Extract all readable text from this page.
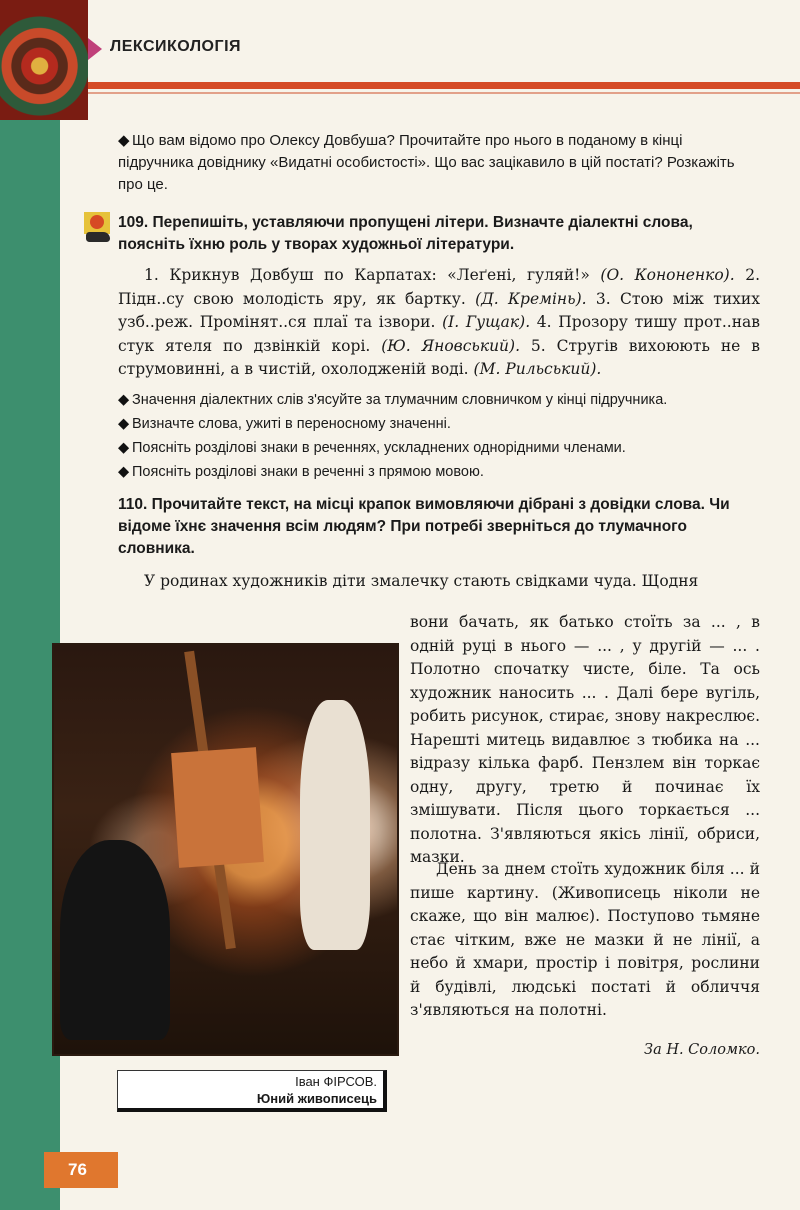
ЛЕКСИКОЛОГІЯ
◆ Що вам відомо про Олексу Довбуша? Прочитайте про нього в поданому в кінці підручника довіднику «Видатні особистості». Що вас зацікавило в цій постаті? Розкажіть про це.
109. Перепишіть, уставляючи пропущені літери. Визначте діалектні слова, поясніть їхню роль у творах художньої літератури.
1. Крикнув Довбуш по Карпатах: «Леґені, гуляй!» (О. Кононенко). 2. Підн..су свою молодість яру, як бартку. (Д. Кремінь). 3. Стою між тихих узб..реж. Промінят..ся плаї та ізвори. (І. Гущак). 4. Прозору тишу прот..нав стук ятеля по дзвінкій корі. (Ю. Яновський). 5. Стругів вихоюють не в струмовинні, а в чистій, охолодженій воді. (М. Рильський).
◆ Значення діалектних слів з'ясуйте за тлумачним словничком у кінці підручника.
◆ Визначте слова, ужиті в переносному значенні.
◆ Поясніть розділові знаки в реченнях, ускладнених однорідними членами.
◆ Поясніть розділові знаки в реченні з прямою мовою.
110. Прочитайте текст, на місці крапок вимовляючи дібрані з довідки слова. Чи відоме їхнє значення всім людям? При потребі зверніться до тлумачного словника.
У родинах художників діти змалечку стають свідками чуда. Щодня
вони бачать, як батько стоїть за ... , в одній руці в нього — ... , у другій — ... . Полотно спочатку чисте, біле. Та ось художник наносить ... . Далі бере вугіль, робить рисунок, стирає, знову накреслює. Нарешті митець видавлює з тюбика на ... відразу кілька фарб. Пензлем він торкає одну, другу, третю й починає їх змішувати. Після цього торкається ... полотна. З'являються якісь лінії, обриси, мазки.
День за днем стоїть художник біля ... й пише картину. (Живописець ніколи не скаже, що він малює). Поступово тьмяне стає чітким, вже не мазки й не лінії, а небо й хмари, простір і повітря, рослини й будівлі, людські постаті й обличчя з'являються на полотні.
За Н. Соломко.
Іван ФІРСОВ.
Юний живописець
76
